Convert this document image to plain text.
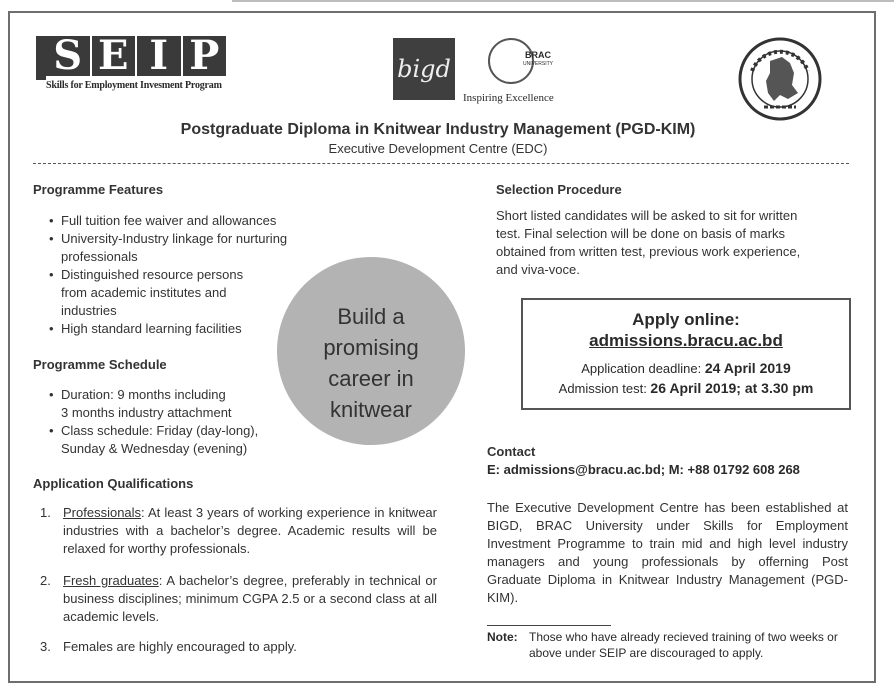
S E I P
Skills for Employment Invesment Program
bigd	BRAC
UNIVERSITY
Inspiring Excellence
Postgraduate Diploma in Knitwear Industry Management (PGD-KIM)
Executive Development Centre (EDC)
Programme Features
• Full tuition fee waiver and allowances
• University-Industry linkage for nurturing
professionals
• Distinguished resource persons
from academic institutes and
industries
• High standard learning facilities
Programme Schedule
• Duration: 9 months including
3 months industry attachment
• Class schedule: Friday (day-long),
Sunday & Wednesday (evening)
Build a
promising
career in
knitwear
Application Qualifications
1. Professionals: At least 3 years of working experience in knitwear industries with a bachelor’s degree. Academic results will be relaxed for worthy professionals.
2. Fresh graduates: A bachelor’s degree, preferably in technical or business disciplines; minimum CGPA 2.5 or a second class at all academic levels.
3. Females are highly encouraged to apply.
Selection Procedure
Short listed candidates will be asked to sit for written
test. Final selection will be done on basis of marks
obtained from written test, previous work experience,
and viva-voce.
Apply online:
admissions.bracu.ac.bd
Application deadline: 24 April 2019
Admission test: 26 April 2019; at 3.30 pm
Contact
E: admissions@bracu.ac.bd; M: +88 01792 608 268
The Executive Development Centre has been established at BIGD, BRAC University under Skills for Employment Investment Programme to train mid and high level industry managers and young professionals by offerning Post Graduate Diploma in Knitwear Industry Management (PGD-KIM).
Note: Those who have already recieved training of two weeks or above under SEIP are discouraged to apply.
